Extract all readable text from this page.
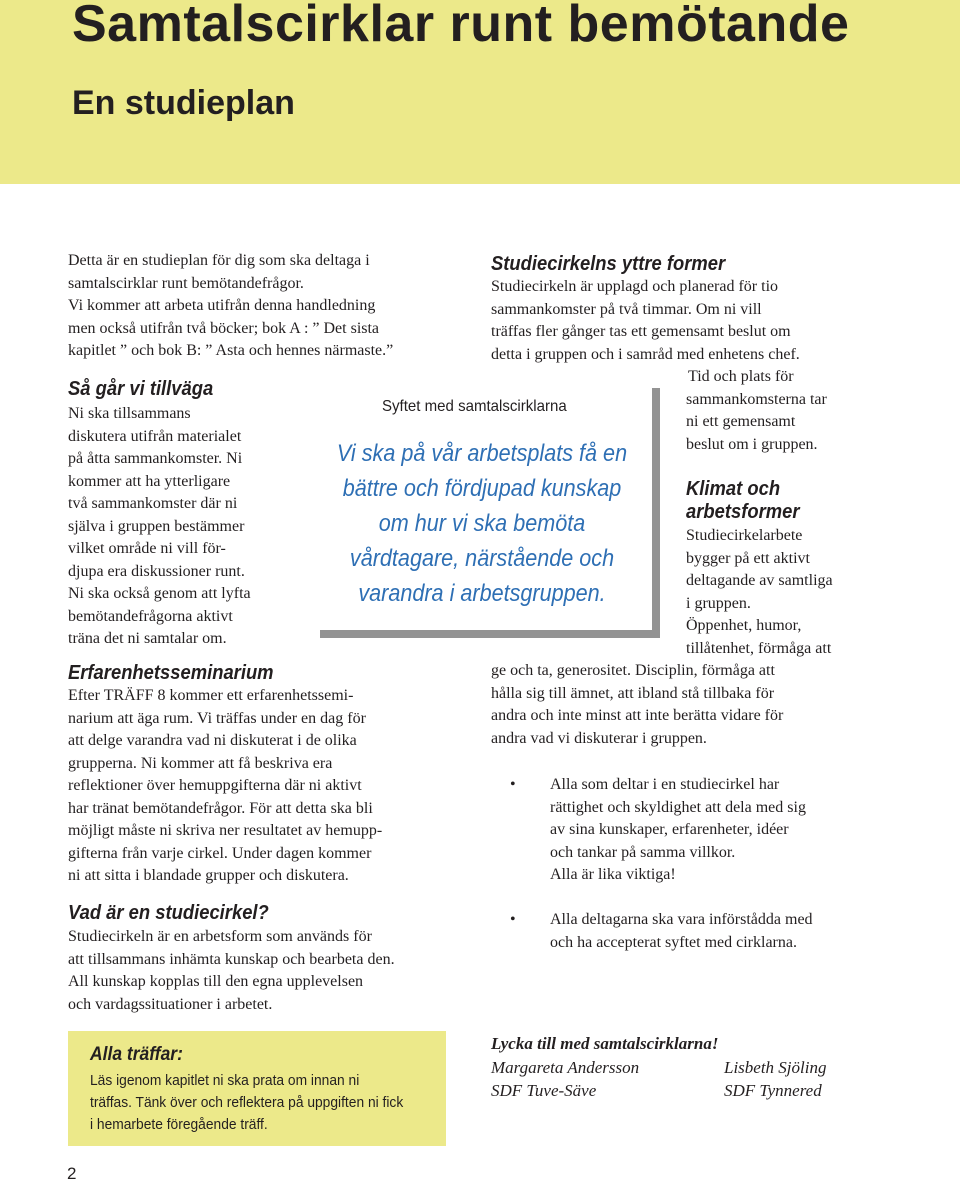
Samtalscirklar runt bemötande
En studieplan
Detta är en studieplan för dig som ska deltaga i
samtalscirklar runt bemötandefrågor.
Vi kommer att arbeta utifrån denna handledning
men också utifrån två böcker; bok A : ” Det sista
kapitlet ” och bok B: ” Asta och hennes närmaste.”
Så går vi tillväga
Ni ska tillsammans
diskutera utifrån materialet
på åtta sammankomster. Ni
kommer att ha ytterligare
två sammankomster där ni
själva i gruppen bestämmer
vilket område ni vill för-
djupa era diskussioner runt.
Ni ska också genom att lyfta
bemötandefrågorna aktivt
träna det ni samtalar om.
Syftet med samtalscirklarna
Vi ska på vår arbetsplats få en
bättre och fördjupad kunskap
om hur vi ska bemöta
vårdtagare, närstående och
varandra i arbetsgruppen.
Erfarenhetsseminarium
Efter TRÄFF 8 kommer ett erfarenhetssemi-
narium att äga rum. Vi träffas under en dag för
att delge varandra vad ni diskuterat i de olika
grupperna. Ni kommer att få beskriva era
reflektioner över hemuppgifterna där ni aktivt
har tränat bemötandefrågor. För att detta ska bli
möjligt måste ni skriva ner resultatet av hemupp-
gifterna från varje cirkel. Under dagen kommer
ni att sitta i blandade grupper och diskutera.
Vad är en studiecirkel?
Studiecirkeln är en arbetsform som används för
att tillsammans inhämta kunskap och bearbeta den.
All kunskap kopplas till den egna upplevelsen
och vardagssituationer i arbetet.
Alla träffar:
Läs igenom kapitlet ni ska prata om innan ni
träffas. Tänk över och reflektera på uppgiften ni fick
i hemarbete föregående träff.
Studiecirkelns yttre former
Studiecirkeln är upplagd och planerad för tio
sammankomster på två timmar. Om ni vill
träffas fler gånger tas ett gemensamt beslut om
detta i gruppen och i samråd med enhetens chef.
Tid och plats för
sammankomsterna tar
ni ett gemensamt
beslut om i gruppen.
Klimat och
arbetsformer
Studiecirkelarbete
bygger på ett aktivt
deltagande av samtliga
i gruppen.
Öppenhet, humor,
tillåtenhet, förmåga att
ge och ta, generositet. Disciplin, förmåga att
hålla sig till ämnet, att ibland stå tillbaka för
andra och inte minst att inte berätta vidare för
andra vad vi diskuterar i gruppen.
• Alla som deltar i en studiecirkel har
rättighet och skyldighet att dela med sig
av sina kunskaper, erfarenheter, idéer
och tankar på samma villkor.
Alla är lika viktiga!
• Alla deltagarna ska vara införstådda med
och ha accepterat syftet med cirklarna.
Lycka till med samtalscirklarna!
Margareta Andersson
SDF Tuve-Säve
Lisbeth Sjöling
SDF Tynnered
2
